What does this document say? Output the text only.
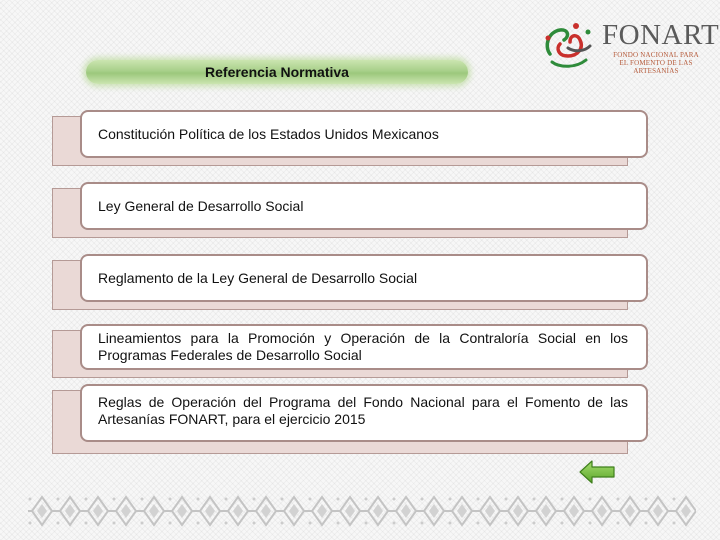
FONART
FONDO NACIONAL PARA
EL FOMENTO DE LAS ARTESANÍAS
Referencia Normativa
Constitución Política de los Estados Unidos Mexicanos
Ley General de Desarrollo Social
Reglamento de la Ley General de Desarrollo Social
Lineamientos para la Promoción y Operación de la Contraloría Social en los Programas Federales de Desarrollo Social
Reglas de Operación del Programa del Fondo Nacional para el Fomento de las Artesanías FONART, para el ejercicio 2015
